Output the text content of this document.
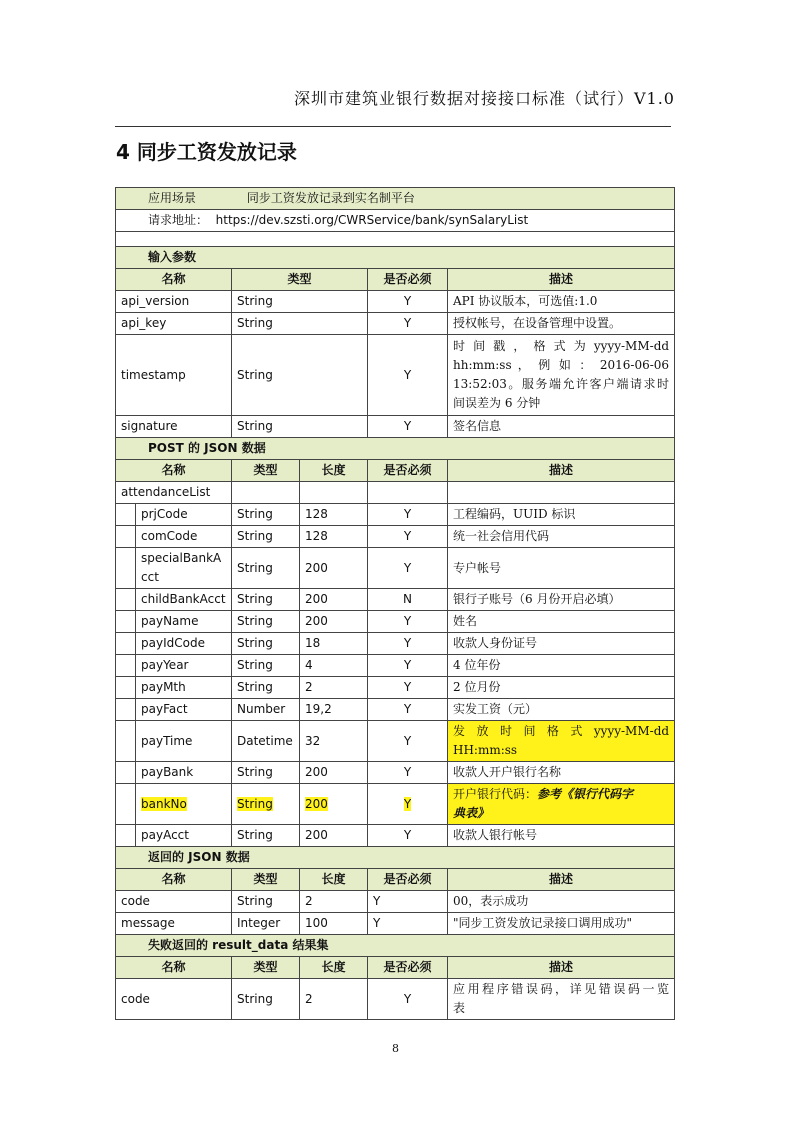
深圳市建筑业银行数据对接接口标准（试行）V1.0
4 同步工资发放记录
应用场景 同步工资发放记录到实名制平台					
请求地址： https://dev.szsti.org/CWRService/bank/synSalaryList					

输入参数					
名称		类型		是否必须	描述
api_version		String		Y	API 协议版本，可选值:1.0
api_key		String		Y	授权帐号，在设备管理中设置。
timestamp		String		Y	时 间 戳 ， 格 式 为 yyyy-MM-dd
hh:mm:ss ， 例 如 ： 2016-06-06
13:52:03。服务端允许客户端请求时
间误差为 6 分钟

signature		String		Y	签名信息
POST 的 JSON 数据					
名称		类型	长度	是否必须	描述
attendanceList					
	prjCode	String	128	Y	工程编码，UUID 标识
	comCode	String	128	Y	统一社会信用代码
	specialBankAcct	String	200	Y	专户帐号
	childBankAcct	String	200	N	银行子账号（6 月份开启必填）
	payName	String	200	Y	姓名
	payIdCode	String	18	Y	收款人身份证号
	payYear	String	4	Y	4 位年份
	payMth	String	2	Y	2 位月份
	payFact	Number	19,2	Y	实发工资（元）
	payTime	Datetime	32	Y	发 放 时 间 格 式 yyyy-MM-dd
HH:mm:ss

	payBank	String	200	Y	收款人开户银行名称
	bankNo	String	200	Y	开户银行代码：参考《银行代码字
典表》

	payAcct	String	200	Y	收款人银行帐号
返回的 JSON 数据					
名称		类型	长度	是否必须	描述
code		String	2	Y	00，表示成功
message		Integer	100	Y	"同步工资发放记录接口调用成功"
失败返回的 result_data 结果集					
名称		类型	长度	是否必须	描述
code		String	2	Y	应用程序错误码，详见错误码一览
表
8
